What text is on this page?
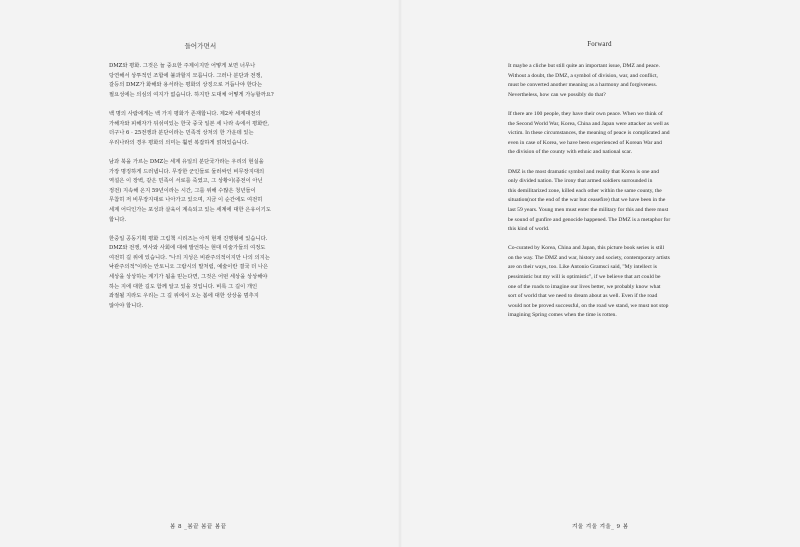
들어가면서

DMZ와 평화. 그것은 늘 중요한 주제이지만 어떻게 보면 너무나
당연해서 상투적인 조합에 불과할지 모릅니다. 그러나 분단과 전쟁,
갈등의 DMZ가 화해와 용서라는 평화의 상징으로 거듭나야 한다는
필요성에는 의심의 여지가 없습니다. 하지만 도대체 어떻게 가능할까요?

백 명의 사람에게는 백 가지 평화가 존재합니다. 제2차 세계대전의
가해자와 피해자가 뒤섞여있는 한국 중국 일본 세 나라 속에서 평화란,
더구나 6 · 25전쟁과 분단이라는 민족적 상처의 한 가운데 있는
우리나라의 경우 평화의 의미는 훨씬 복잡하게 얽혀있습니다.

남과 북을 가르는 DMZ는 세계 유일의 분단국가라는 우리의 현실을
가장 명징하게 드러냅니다. 무장한 군인들로 둘러싸인 비무장지대의
역설은 이 장벽, 같은 민족이 서로를 죽였고, 그 상황이(종전이 아닌
정전) 지속해 온지 59년이라는 시간, 그를 위해 수많은 청년들이
무참히 저 비무장지대로 나아가고 있으며, 지금 이 순간에도 여전히
세계 어디인가는 포성과 살육이 계속되고 있는 세계에 대한 은유이기도
합니다.

한중일 공동기획 평화 그림책 시리즈는 아직 현재 진행형에 있습니다.
DMZ와 전쟁, 역사와 사회에 대해 발언하는 현대 미술가들의 여정도
여전히 길 위에 있습니다. "나의 지성은 비관주의적이지만 나의 의지는
낙관주의적"이라는 안토니오 그람시의 말처럼, 예술이란 결국 더 나은
세상을 상상하는 계기가 됨을 믿는다면, 그것은 어떤 세상을 상상해야
하는 지에 대한 길도 함께 알고 있을 것입니다. 비록 그 길이 개인
좌절될 지라도 우리는 그 길 위에서 오는 봄에 대한 상상을 멈추지
않아야 합니다.

봄 8 _봄끝 봄끝 봄끝
Forward

It maybe a cliche but still quite an important issue, DMZ and peace.
Without a doubt, the DMZ, a symbol of division, war, and conflict,
must be converted another meaning as a harmony and forgiveness.
Nevertheless, how can we possibly do that?

If there are 100 people, they have their own peace. When we think of
the Second World War, Korea, China and Japan were attacker as well as
victim. In these circumstances, the meaning of peace is complicated and
even in case of Korea, we have been experienced of Korean War and
the division of the county with ethnic and national scar.

DMZ is the most dramatic symbol and reality that Korea is one and
only divided nation. The irony that armed soldiers surrounded in
this demilitarized zone, killed each other within the same county, the
situation(not the end of the war but ceasefire) that we have been in the
last 59 years. Young men must enter the military for this and there must
be sound of gunfire and genocide happened. The DMZ is a metaphor for
this kind of world.

Co-curated by Korea, China and Japan, this picture book series is still
on the way. The DMZ and war, history and society, contemporary artists
are on their ways, too. Like Antonio Gramsci said, "My intellect is
pessimistic but my will is optimistic", if we believe that art could be
one of the roads to imagine our lives better, we probably know what
sort of world that we need to dream about as well. Even if the road
would not be proved successful, on the road we stand, we must not stop
imagining Spring comes when the time is rotten.

겨울 겨울 겨울_ 9 봄
